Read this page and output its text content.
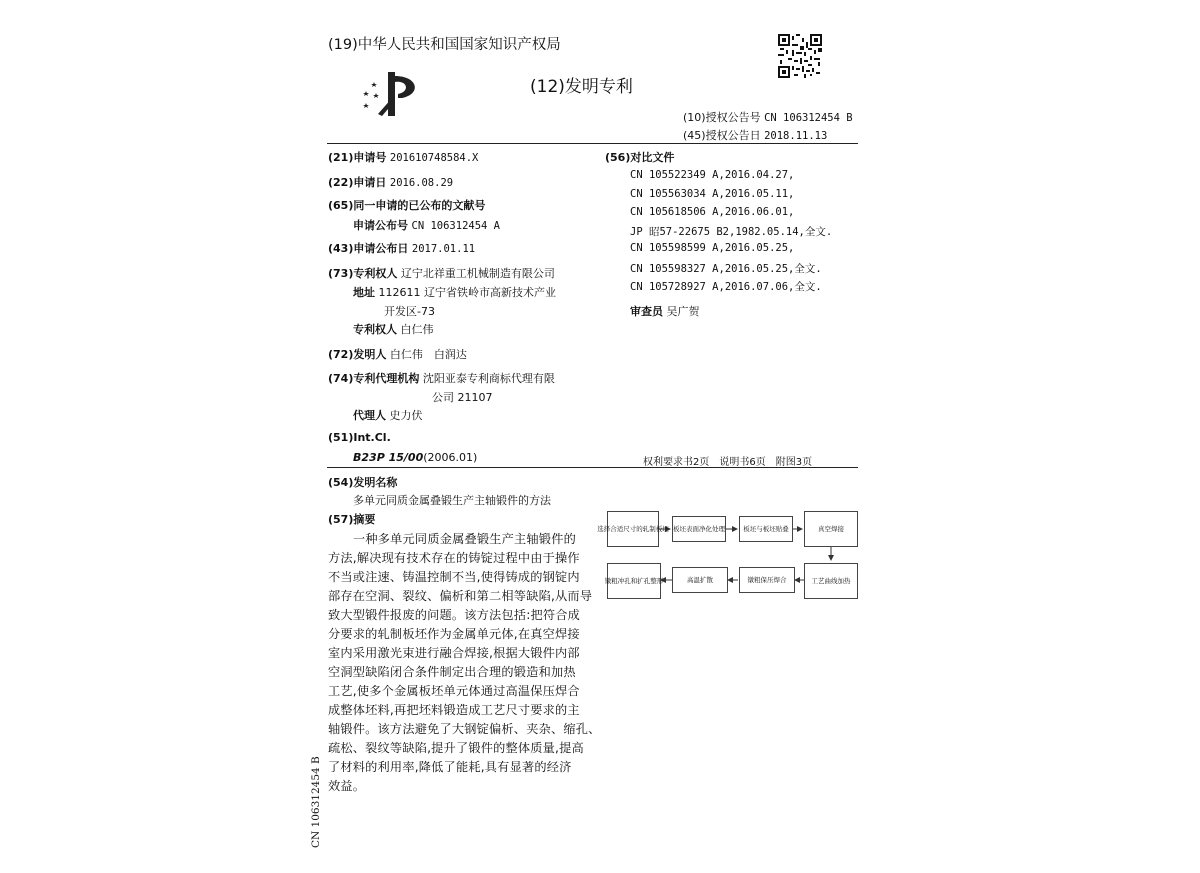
(19)中华人民共和国国家知识产权局
(12)发明专利
(10)授权公告号 CN 106312454 B
(45)授权公告日 2018.11.13
(21)申请号 201610748584.X
(22)申请日 2016.08.29
(65)同一申请的已公布的文献号
申请公布号 CN 106312454 A
(43)申请公布日 2017.01.11
(73)专利权人 辽宁北祥重工机械制造有限公司
地址 112611 辽宁省铁岭市高新技术产业
开发区-73
专利权人 白仁伟
(72)发明人 白仁伟　白润达
(74)专利代理机构 沈阳亚泰专利商标代理有限
公司 21107
代理人 史力伏
(51)Int.Cl.
B23P 15/00(2006.01)
(56)对比文件
CN 105522349 A,2016.04.27,
CN 105563034 A,2016.05.11,
CN 105618506 A,2016.06.01,
JP 昭57-22675 B2,1982.05.14,全文.
CN 105598599 A,2016.05.25,
CN 105598327 A,2016.05.25,全文.
CN 105728927 A,2016.07.06,全文.
审查员 吴广贺
权利要求书2页　说明书6页　附图3页
(54)发明名称
多单元同质金属叠锻生产主轴锻件的方法
(57)摘要
一种多单元同质金属叠锻生产主轴锻件的
方法,解决现有技术存在的铸锭过程中由于操作
不当或注速、铸温控制不当,使得铸成的钢锭内
部存在空洞、裂纹、偏析和第二相等缺陷,从而导
致大型锻件报废的问题。该方法包括:把符合成
分要求的轧制板坯作为金属单元体,在真空焊接
室内采用激光束进行融合焊接,根据大锻件内部
空洞型缺陷闭合条件制定出合理的锻造和加热
工艺,使多个金属板坯单元体通过高温保压焊合
成整体坯料,再把坯料锻造成工艺尺寸要求的主
轴锻件。该方法避免了大钢锭偏析、夹杂、缩孔、
疏松、裂纹等缺陷,提升了锻件的整体质量,提高
了材料的利用率,降低了能耗,具有显著的经济
效益。
选择合适尺寸的轧制板坯 板坯表面净化处理	板坯与板坯贴叠	真空焊接
镦粗冲孔和扩孔整形	高温扩散	镦粗保压焊合	工艺曲线加热
CN 106312454 B
